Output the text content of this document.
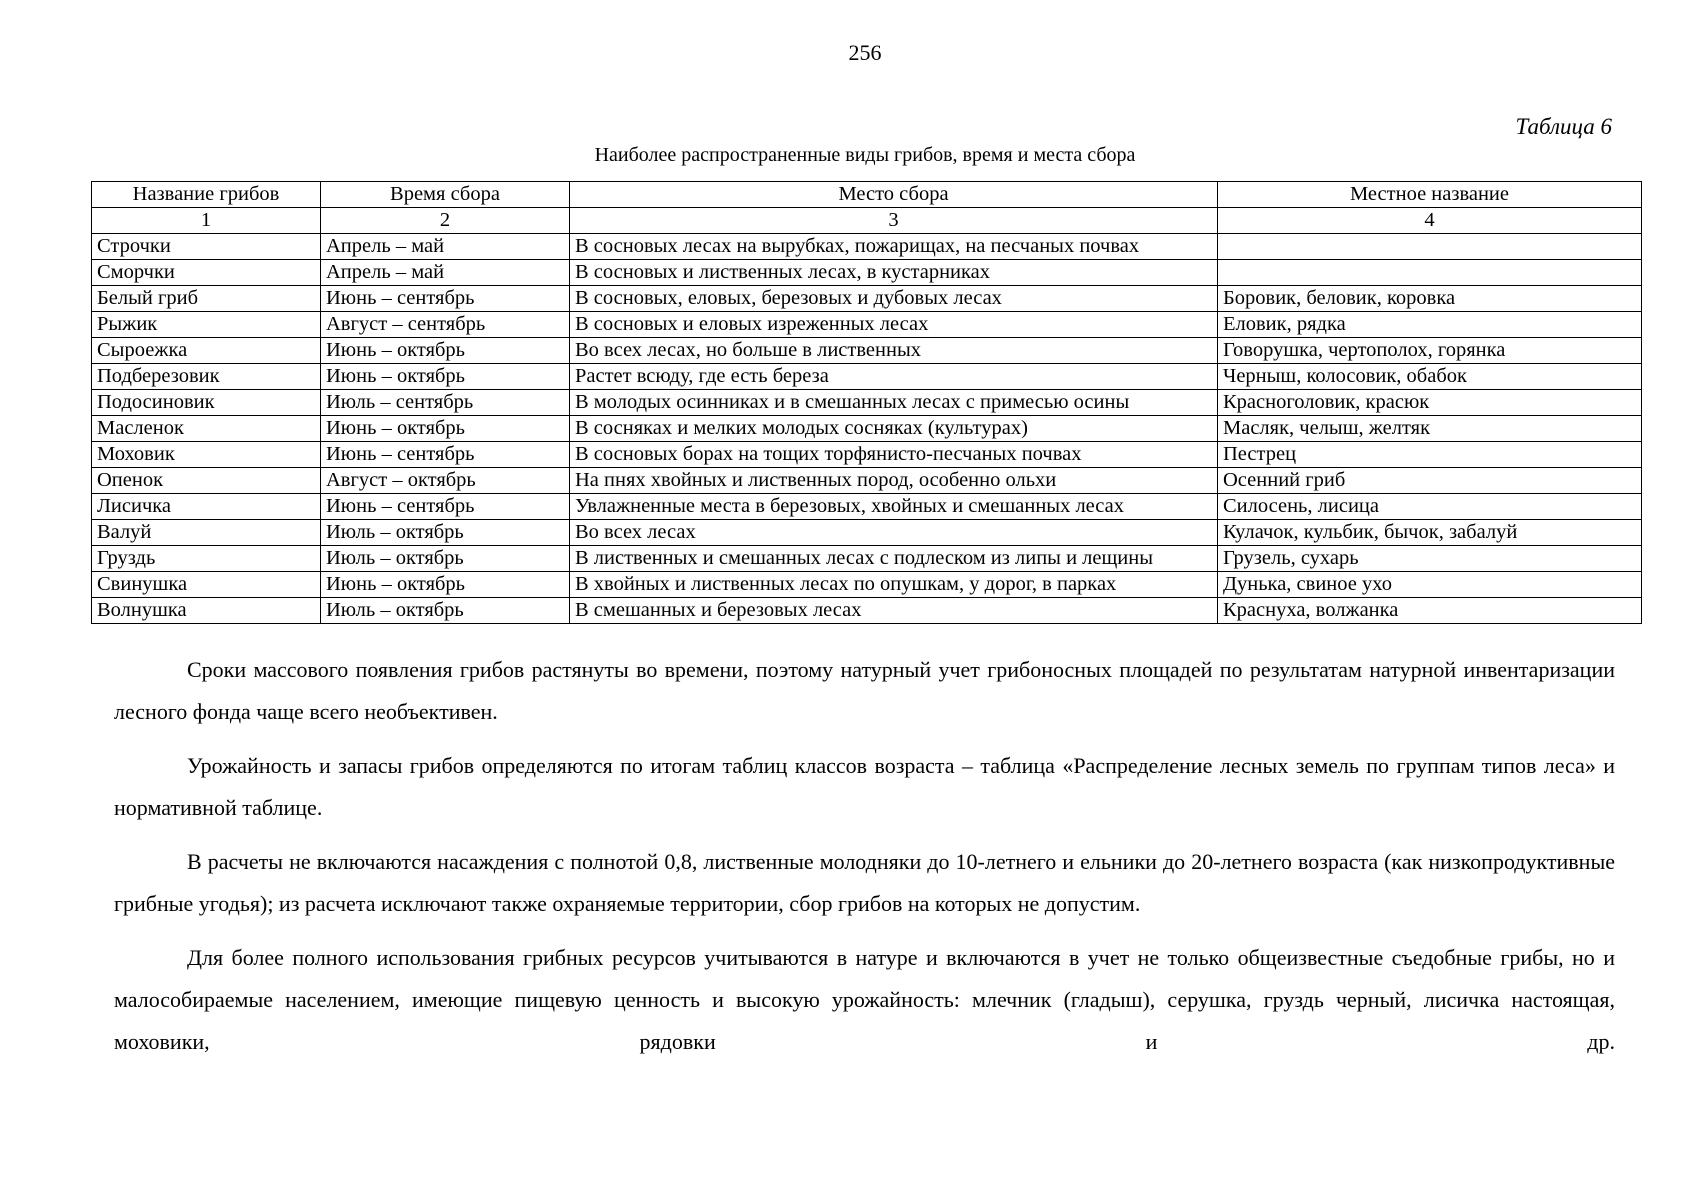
256
Таблица 6
Наиболее распространенные виды грибов, время и места сбора
Название грибов	Время сбора	Место сбора	Местное название
1	2	3	4
Строчки	Апрель – май	В сосновых лесах на вырубках, пожарищах, на песчаных почвах	
Сморчки	Апрель – май	В сосновых и лиственных лесах, в кустарниках	
Белый гриб	Июнь – сентябрь	В сосновых, еловых, березовых и дубовых лесах	Боровик, беловик, коровка
Рыжик	Август – сентябрь	В сосновых и еловых изреженных лесах	Еловик, рядка
Сыроежка	Июнь – октябрь	Во всех лесах, но больше в лиственных	Говорушка, чертополох, горянка
Подберезовик	Июнь – октябрь	Растет всюду, где есть береза	Черныш, колосовик, обабок
Подосиновик	Июль – сентябрь	В молодых осинниках и в смешанных лесах с примесью осины	Красноголовик, красюк
Масленок	Июнь – октябрь	В сосняках и мелких молодых сосняках (культурах)	Масляк, челыш, желтяк
Моховик	Июнь – сентябрь	В сосновых борах на тощих торфянисто-песчаных почвах	Пестрец
Опенок	Август – октябрь	На пнях хвойных и лиственных пород, особенно ольхи	Осенний гриб
Лисичка	Июнь – сентябрь	Увлажненные места в березовых, хвойных и смешанных лесах	Силосень, лисица
Валуй	Июль – октябрь	Во всех лесах	Кулачок, кульбик, бычок, забалуй
Груздь	Июль – октябрь	В лиственных и смешанных лесах с подлеском из липы и лещины	Грузель, сухарь
Свинушка	Июнь – октябрь	В хвойных и лиственных лесах по опушкам, у дорог, в парках	Дунька, свиное ухо
Волнушка	Июль – октябрь	В смешанных и березовых лесах	Краснуха, волжанка

Сроки массового появления грибов растянуты во времени, поэтому натурный учет грибоносных площадей по результатам натурной инвентаризации лесного фонда чаще всего необъективен.

Урожайность и запасы грибов определяются по итогам таблиц классов возраста – таблица «Распределение лесных земель по группам типов леса» и нормативной таблице.

В расчеты не включаются насаждения с полнотой 0,8, лиственные молодняки до 10-летнего и ельники до 20-летнего возраста (как низкопродуктивные грибные угодья); из расчета исключают также охраняемые территории, сбор грибов на которых не допустим.

Для более полного использования грибных ресурсов учитываются в натуре и включаются в учет не только общеизвестные съедобные грибы, но и малособираемые населением, имеющие пищевую ценность и высокую урожайность: млечник (гладыш), серушка, груздь черный, лисичка настоящая, моховики, рядовки и др.
